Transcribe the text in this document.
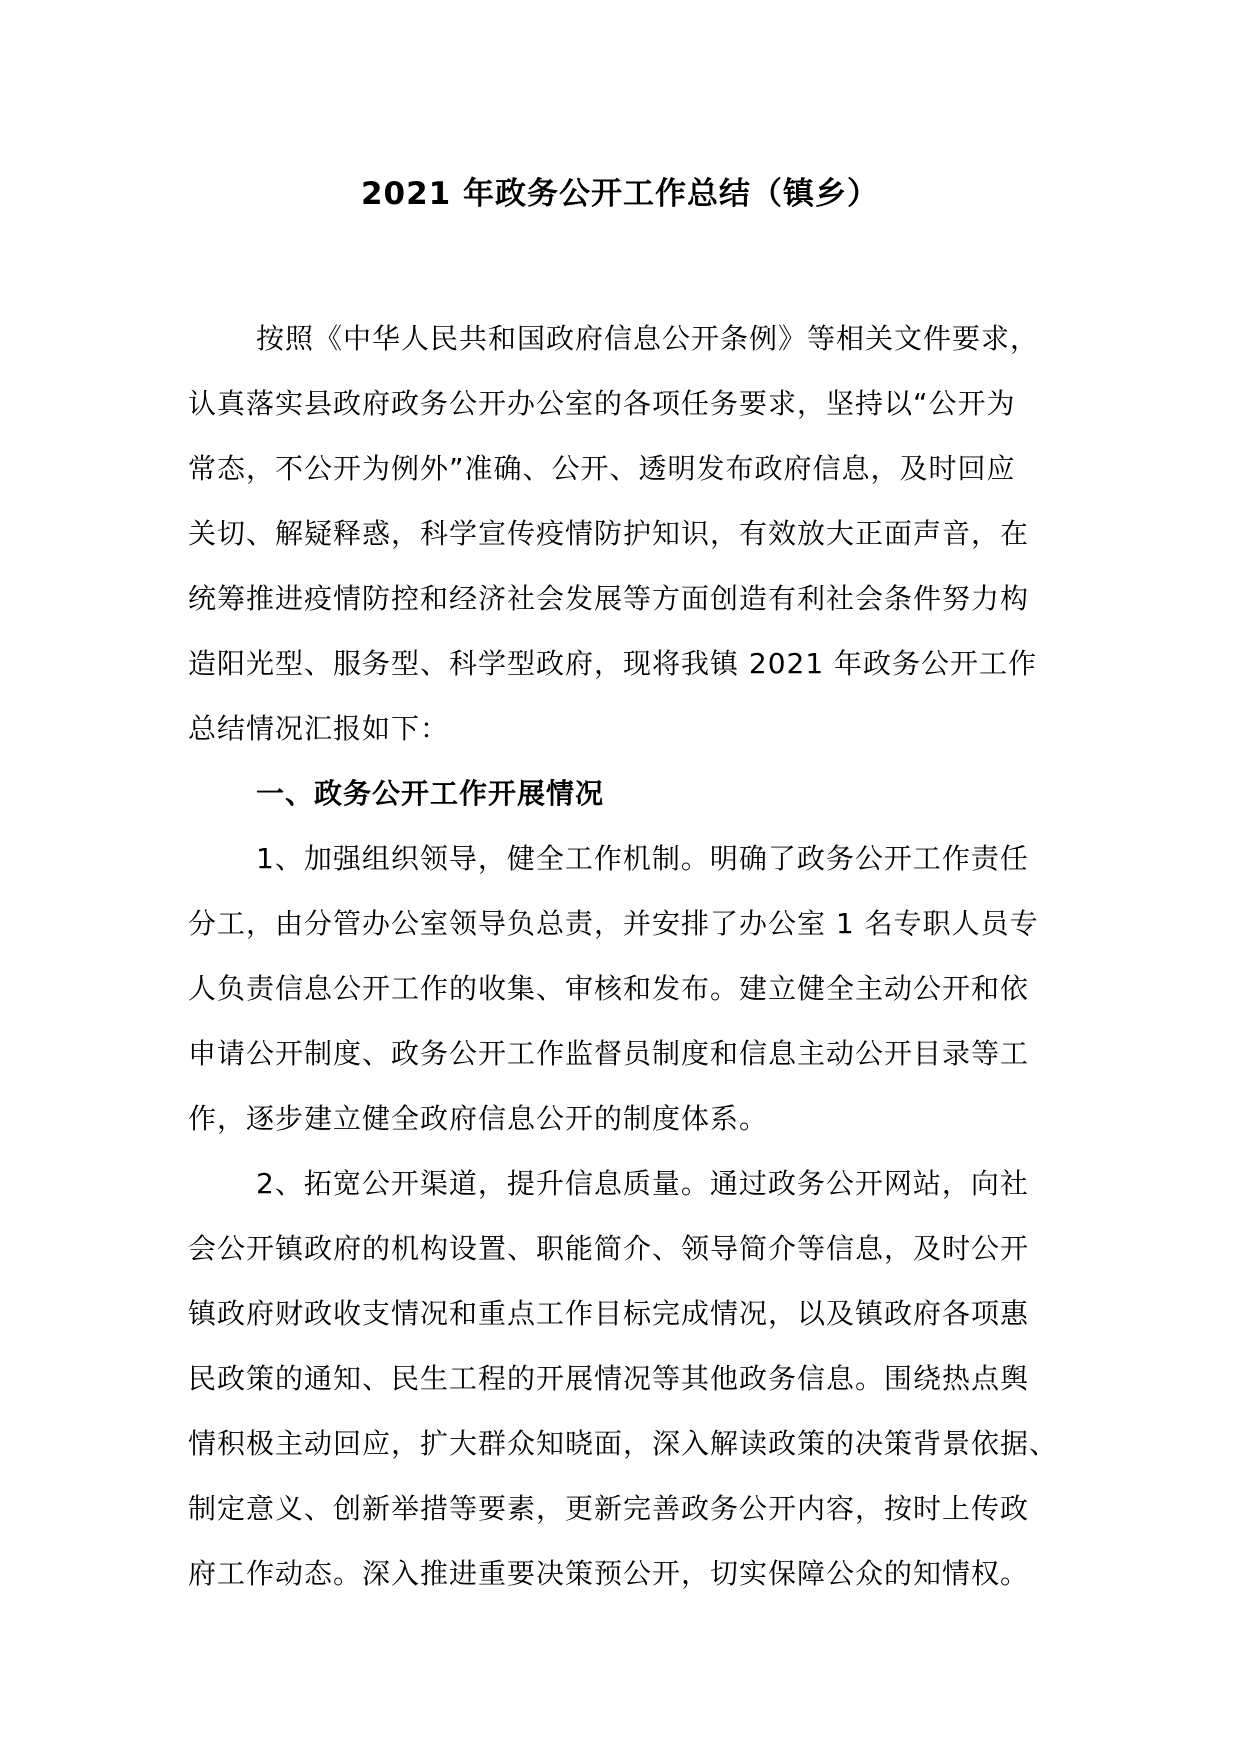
2021 年政务公开工作总结（镇乡）
按照《中华人民共和国政府信息公开条例》等相关文件要求，
认真落实县政府政务公开办公室的各项任务要求，坚持以“公开为
常态，不公开为例外”准确、公开、透明发布政府信息，及时回应
关切、解疑释惑，科学宣传疫情防护知识，有效放大正面声音，在
统筹推进疫情防控和经济社会发展等方面创造有利社会条件努力构
造阳光型、服务型、科学型政府，现将我镇 2021 年政务公开工作
总结情况汇报如下：
一、政务公开工作开展情况
1、加强组织领导，健全工作机制。明确了政务公开工作责任
分工，由分管办公室领导负总责，并安排了办公室 1 名专职人员专
人负责信息公开工作的收集、审核和发布。建立健全主动公开和依
申请公开制度、政务公开工作监督员制度和信息主动公开目录等工
作，逐步建立健全政府信息公开的制度体系。
2、拓宽公开渠道，提升信息质量。通过政务公开网站，向社
会公开镇政府的机构设置、职能简介、领导简介等信息，及时公开
镇政府财政收支情况和重点工作目标完成情况，以及镇政府各项惠
民政策的通知、民生工程的开展情况等其他政务信息。围绕热点舆
情积极主动回应，扩大群众知晓面，深入解读政策的决策背景依据、
制定意义、创新举措等要素，更新完善政务公开内容，按时上传政
府工作动态。深入推进重要决策预公开，切实保障公众的知情权。
